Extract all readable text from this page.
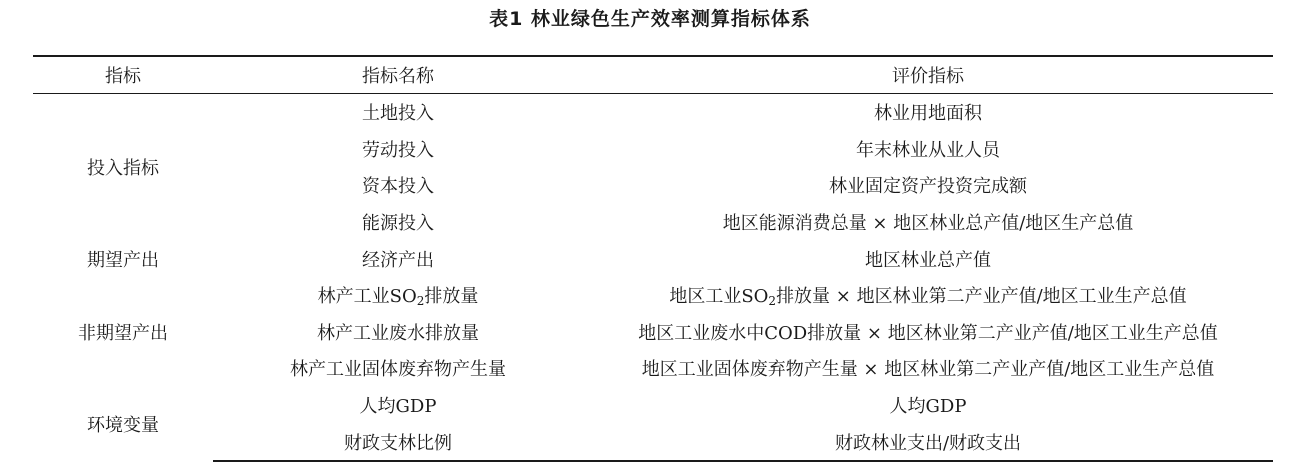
表1 林业绿色生产效率测算指标体系
指标	指标名称	评价指标
投入指标	土地投入	林业用地面积
	劳动投入	年末林业从业人员
	资本投入	林业固定资产投资完成额
	能源投入	地区能源消费总量 × 地区林业总产值/地区生产总值
期望产出	经济产出	地区林业总产值
非期望产出	林产工业$SO_2$排放量	地区工业$SO_2$排放量 × 地区林业第二产业产值/地区工业生产总值
	林产工业废水排放量	地区工业废水中COD排放量 × 地区林业第二产业产值/地区工业生产总值
	林产工业固体废弃物产生量	地区工业固体废弃物产生量 × 地区林业第二产业产值/地区工业生产总值
环境变量	人均GDP	人均GDP
	财政支林比例	财政林业支出/财政支出
